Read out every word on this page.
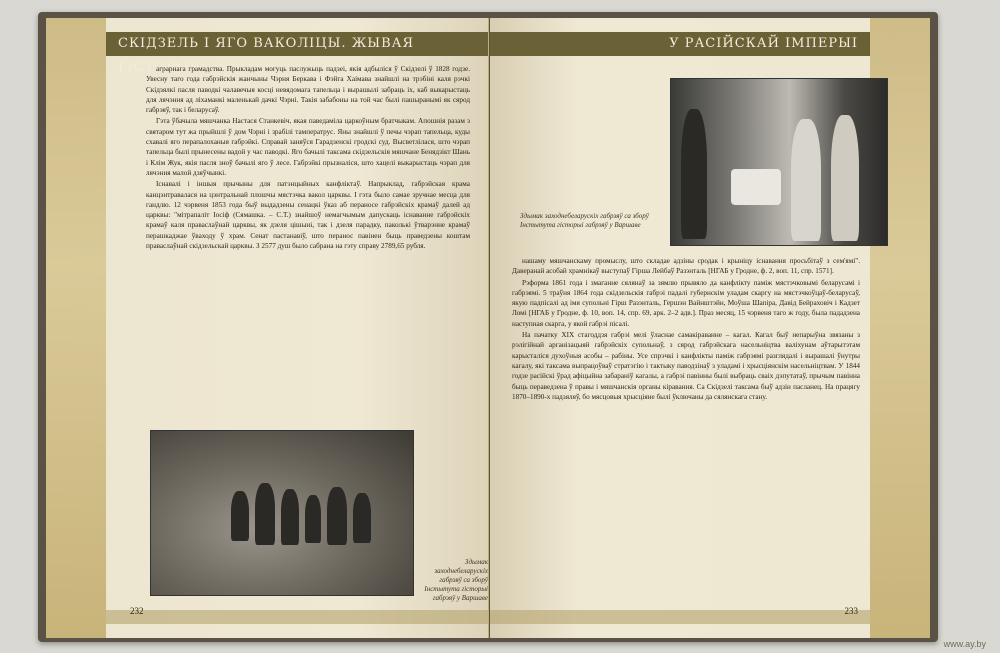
СКІДЗЕЛЬ І ЯГО ВАКОЛІЦЫ. ЖЫВАЯ ГІСТОРЫЯ

аграрнага грамадства. Прыкладам могуць паслужыць падзеі, якія адбыліся ў Скідзелі ў 1828 годзе. Увесну таго года габрэйскія жанчыны Чэрня Беркава і Фэйга Хаімава знайшлі на трэбіні каля рэчкі Скідзялкі пасля паводкі чалавечыя косці невядомага тапельца і вырашылі забраць іх, каб выкарыстаць для лячэння ад ліхаманкі маленькай дачкі Чэрні. Такія забабоны на той час былі пашыранымі як сярод габрэяў, так і беларусаў.

Гэта ўбачыла мяшчанка Настася Станкевіч, якая паведаміла царкоўным братчыкам. Апошнія разам з святаром тут жа прыйшлі ў дом Чэрні і зрабілі тамператрус. Яны знайшлі ў печы чэрап тапельца, куды схавалі яго перапалоханыя габрэйкі. Справай заняўся Гарадзенскі гродскі суд. Высветлілася, што чэрап тапельца былі прынесены вадой у час паводкі. Яго бачылі таксама скідзельскія мяшчане Бенядзікт Шань і Клім Жук, якія пасля зноў бачылі яго ў лесе. Габрэйкі прызналіся, што хацелі выкарыстаць чэрап для лячэння малой дзяўчынкі.

Існавалі і іншыя прычыны для патэнцыйных канфліктаў. Напрыклад, габрэйская крама канцэнтравалася на цэнтральнай плошчы мястэчка вакол царквы. І гэта было самае зручнае месца для гандлю. 12 чэрвеня 1853 года быў выдадзены сенацкі ўказ аб пераносе габрэйскіх крамаў далей ад царквы: "мітрапаліт Іосіф (Сямашка. – С.Т.) знайшоў немагчымым дапускаць існаванне габрэйскіх крамаў каля праваслаўнай царквы, як дзеля цішыні, так і дзеля парадку, паколькі ўтварэнне крамаў перашкаджае ўваходу ў храм. Сенат пастанавіў, што перанос павінен быць праведзены коштам праваслаўнай скідзельскай царквы. З 2577 душ было сабрана на гэту справу 2789,65 рубля.

Здымак заходнебеларускіх габрэяў са зборў Інстытута гісторыі габрэяў у Варшаве
232
У РАСІЙСКАЙ ІМПЕРЫІ
Здымак заходнебеларускіх габрэяў са зборў Інстытута гісторыі габрэяў у Варшаве

нашаму мяшчанскаму промыслу, што складае адзіны сродак і крыніцу існавання просьбітаў з сем'ямі". Даверанай асобай храмнікаў выступаў Гірша Лейбаў Разэнталь [НГАБ у Гродне, ф. 2, воп. 11, спр. 1571].

Рэформа 1861 года і змаганне сялянаў за зямлю прывяло да канфлікту паміж мястэчковымі беларусамі і габрэямі. 5 траўня 1864 года скідзельскія габрэі падалі губернскім уладам скаргу на мястэчкоўцаў-беларусаў, якую падпісалі ад імя супольні Гірш Разэнталь, Гершэн Вайнштэйн, Моўша Шапіра, Давід Бейраховіч і Кадзет Ломі [НГАБ у Гродне, ф. 10, воп. 14, спр. 69, арк. 2–2 адв.]. Праз месяц, 15 чэрвеня таго ж году, была пададзена наступная скарга, у якой габрэі пісалі.

На пачатку XIX стагоддзя габрэі мелі ўласнае самакіраванне – кагал. Кагал быў непарыўна звязаны з рэлігійнай арганізацыяй габрэйскіх супольнаў, з сярод габрэйскага насельніцтва валіхунам аўтарытэтам карысталіся духоўныя асобы – рабіны. Усе спрэчкі і канфлікты паміж габрэямі разглядалі і вырашалі ўнутры кагалу, які таксама выпрацоўваў стратэгію і тактыку паводзінаў з уладамі і хрысціянскім насельніцтвам. У 1844 годзе расійскі ўрад афіцыйна забараніў кагалы, а габрэі павінны былі выбраць сваіх дэпутатаў, прычым павінна быць пераведзена ў правы і мяшчанскія органы кіравання. Са Скідзелі таксама быў адзін пасланец. На працягу 1870–1890-х падзяляў, бо мясцовыя хрысціяне былі ўключаны да сялянскага стану.

233
www.ay.by
